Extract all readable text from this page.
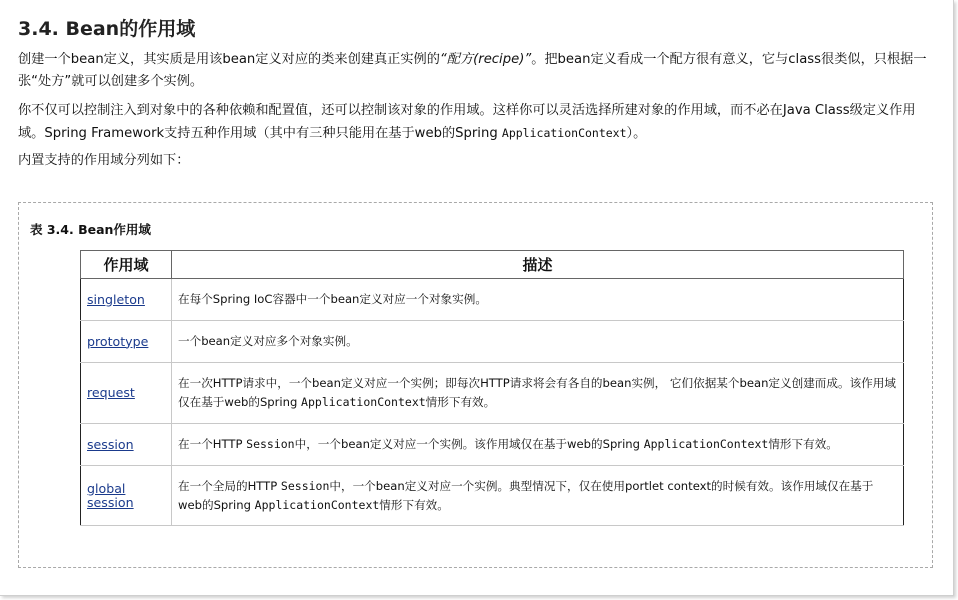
3.4. Bean的作用域

创建一个bean定义，其实质是用该bean定义对应的类来创建真正实例的“配方(recipe)”。把bean定义看成一个配方很有意义，它与class很类似，只根据一张“处方”就可以创建多个实例。

你不仅可以控制注入到对象中的各种依赖和配置值，还可以控制该对象的作用域。这样你可以灵活选择所建对象的作用域，而不必在Java Class级定义作用域。Spring Framework支持五种作用域（其中有三种只能用在基于web的Spring ApplicationContext）。

内置支持的作用域分列如下：

表 3.4. Bean作用域
作用域	描述
singleton	在每个Spring IoC容器中一个bean定义对应一个对象实例。
prototype	一个bean定义对应多个对象实例。
request	在一次HTTP请求中，一个bean定义对应一个实例；即每次HTTP请求将会有各自的bean实例， 它们依据某个bean定义创建而成。该作用域仅在基于web的Spring ApplicationContext情形下有效。
session	在一个HTTP Session中，一个bean定义对应一个实例。该作用域仅在基于web的Spring ApplicationContext情形下有效。
global session	在一个全局的HTTP Session中，一个bean定义对应一个实例。典型情况下，仅在使用portlet context的时候有效。该作用域仅在基于web的Spring ApplicationContext情形下有效。
